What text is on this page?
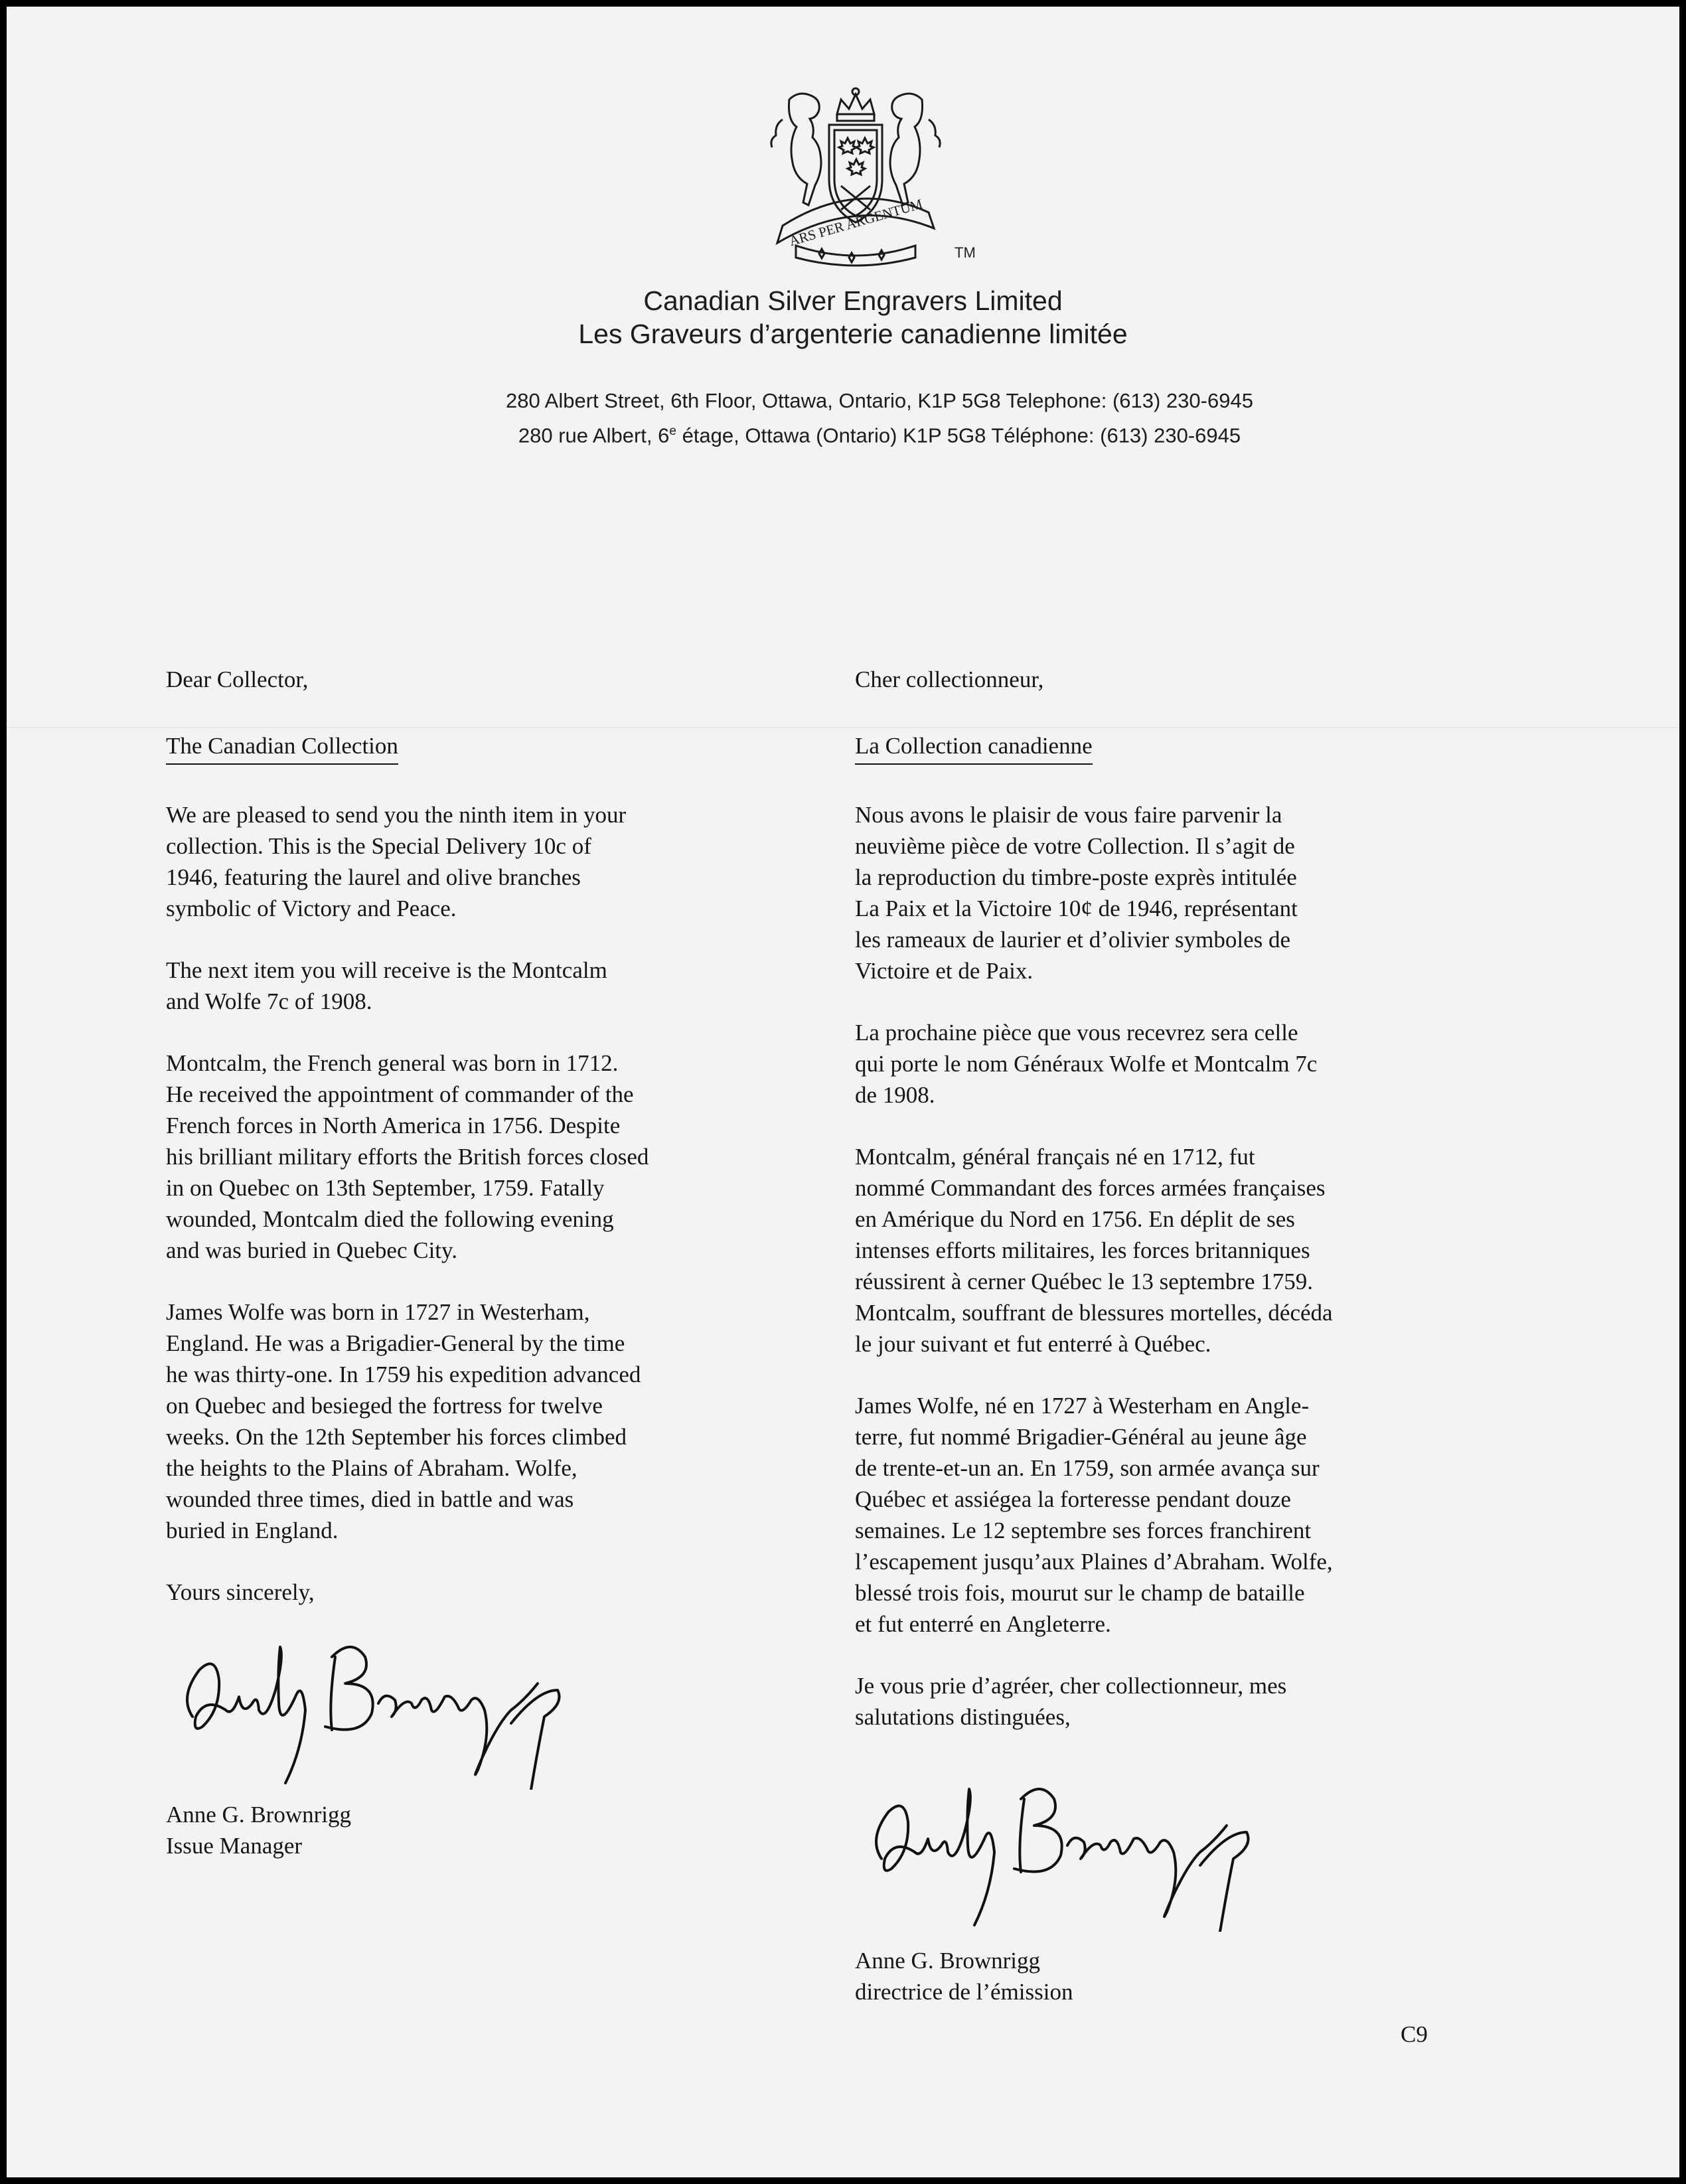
ARS PER ARGENTUM
TM
Canadian Silver Engravers Limited
Les Graveurs d’argenterie canadienne limitée
280 Albert Street, 6th Floor, Ottawa, Ontario, K1P 5G8 Telephone: (613) 230-6945
280 rue Albert, 6e étage, Ottawa (Ontario) K1P 5G8 Téléphone: (613) 230-6945

Dear Collector,

The Canadian Collection

We are pleased to send you the ninth item in your
collection. This is the Special Delivery 10c of
1946, featuring the laurel and olive branches
symbolic of Victory and Peace.

The next item you will receive is the Montcalm
and Wolfe 7c of 1908.

Montcalm, the French general was born in 1712.
He received the appointment of commander of the
French forces in North America in 1756. Despite
his brilliant military efforts the British forces closed
in on Quebec on 13th September, 1759. Fatally
wounded, Montcalm died the following evening
and was buried in Quebec City.

James Wolfe was born in 1727 in Westerham,
England. He was a Brigadier-General by the time
he was thirty-one. In 1759 his expedition advanced
on Quebec and besieged the fortress for twelve
weeks. On the 12th September his forces climbed
the heights to the Plains of Abraham. Wolfe,
wounded three times, died in battle and was
buried in England.

Yours sincerely,

Anne G. Brownrigg

Issue Manager

Cher collectionneur,

La Collection canadienne

Nous avons le plaisir de vous faire parvenir la
neuvième pièce de votre Collection. Il s’agit de
la reproduction du timbre-poste exprès intitulée
La Paix et la Victoire 10¢ de 1946, représentant
les rameaux de laurier et d’olivier symboles de
Victoire et de Paix.

La prochaine pièce que vous recevrez sera celle
qui porte le nom Généraux Wolfe et Montcalm 7c
de 1908.

Montcalm, général français né en 1712, fut
nommé Commandant des forces armées françaises
en Amérique du Nord en 1756. En déplit de ses
intenses efforts militaires, les forces britanniques
réussirent à cerner Québec le 13 septembre 1759.
Montcalm, souffrant de blessures mortelles, décéda
le jour suivant et fut enterré à Québec.

James Wolfe, né en 1727 à Westerham en Angle-
terre, fut nommé Brigadier-Général au jeune âge
de trente-et-un an. En 1759, son armée avança sur
Québec et assiégea la forteresse pendant douze
semaines. Le 12 septembre ses forces franchirent
l’escapement jusqu’aux Plaines d’Abraham. Wolfe,
blessé trois fois, mourut sur le champ de bataille
et fut enterré en Angleterre.

Je vous prie d’agréer, cher collectionneur, mes
salutations distinguées,

Anne G. Brownrigg

directrice de l’émission

C9
